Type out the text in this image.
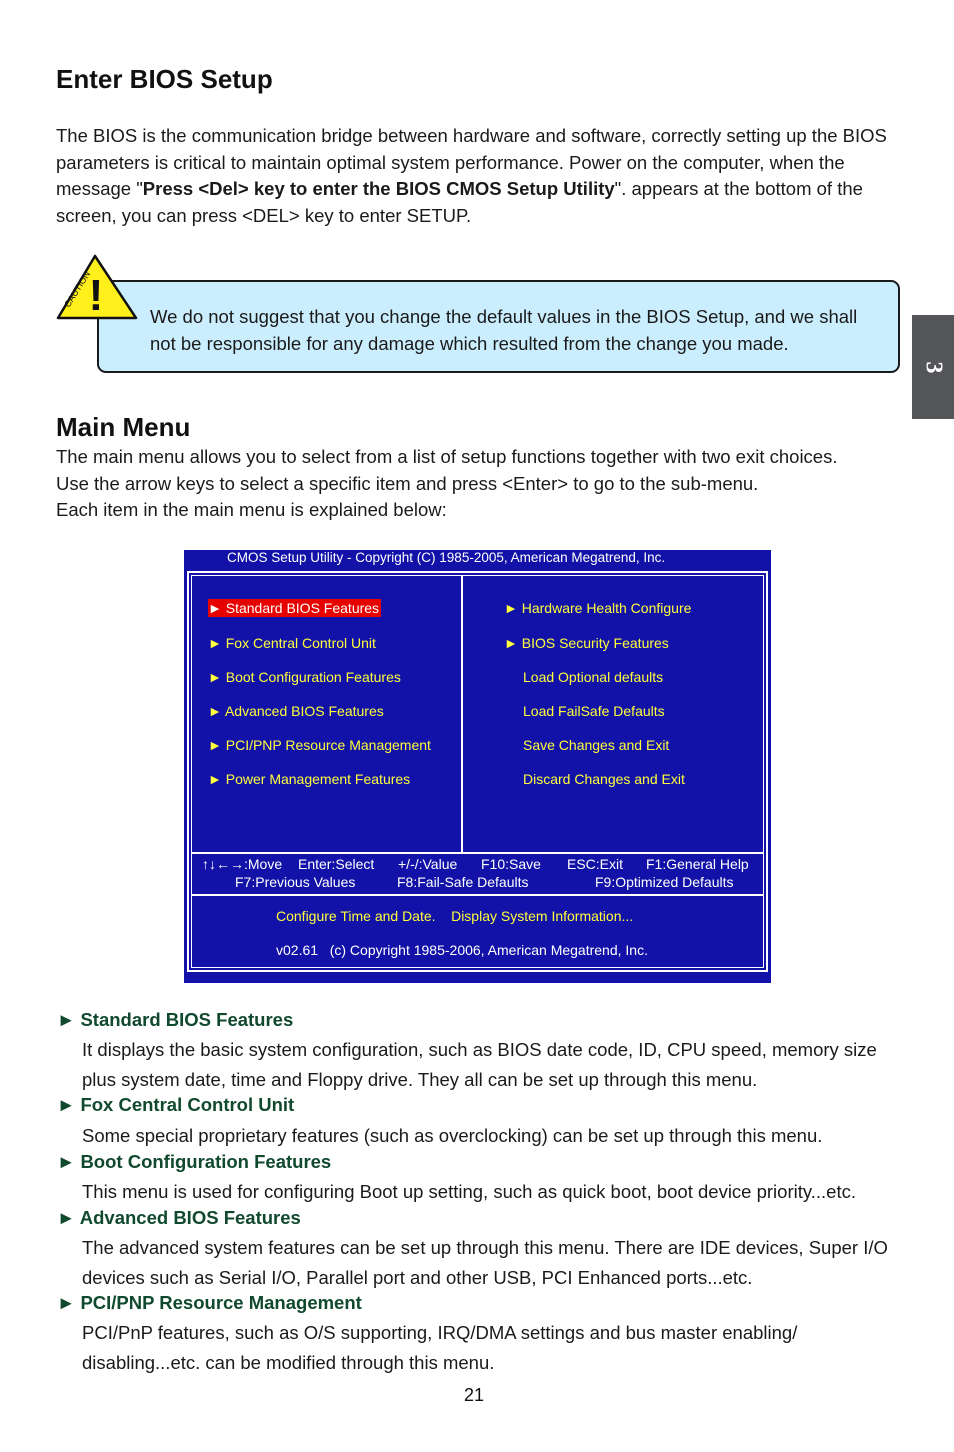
3
Enter BIOS Setup
The BIOS is the communication bridge between hardware and software, correctly setting up the BIOS parameters is critical to maintain optimal system performance. Power on the computer, when the message "Press <Del> key to enter the BIOS CMOS Setup Utility". appears at the bottom of the screen, you can press <DEL> key to enter SETUP.
!
CAUTION
We do not suggest that you change the default values in the BIOS Setup, and we shall not be responsible for any damage which resulted from the change you made.
Main Menu
The main menu allows you to select from a list of setup functions together with two exit choices.
Use the arrow keys to select a specific item and press <Enter> to go to the sub-menu.
Each item in the main menu is explained below:
CMOS Setup Utility - Copyright (C) 1985-2005, American Megatrend, Inc.
► Standard BIOS Features
► Fox Central Control Unit
► Boot Configuration Features
► Advanced BIOS Features
► PCI/PNP Resource Management
► Power Management Features
► Hardware Health Configure
► BIOS Security Features
Load Optional defaults
Load FailSafe Defaults
Save Changes and Exit
Discard Changes and Exit
↑↓←→:Move Enter:Select +/-/:Value F10:Save ESC:Exit F1:General Help
F7:Previous Values	F8:Fail-Safe Defaults	F9:Optimized Defaults
Configure Time and Date.    Display System Information...
v02.61   (c) Copyright 1985-2006, American Megatrend, Inc.
► Standard BIOS Features
It displays the basic system configuration, such as BIOS date code, ID, CPU speed, memory size plus system date, time and Floppy drive. They all can be set up through this menu.
► Fox Central Control Unit
Some special proprietary features (such as overclocking) can be set up through this menu.
► Boot Configuration Features
This menu is used for configuring Boot up setting, such as quick boot, boot device priority...etc.
► Advanced BIOS Features
The advanced system features can be set up through this menu. There are IDE devices, Super I/O devices such as Serial I/O, Parallel port and other USB, PCI Enhanced ports...etc.
► PCI/PNP Resource Management
PCI/PnP features, such as O/S supporting, IRQ/DMA settings and bus master enabling/ disabling...etc. can be modified through this menu.
21
